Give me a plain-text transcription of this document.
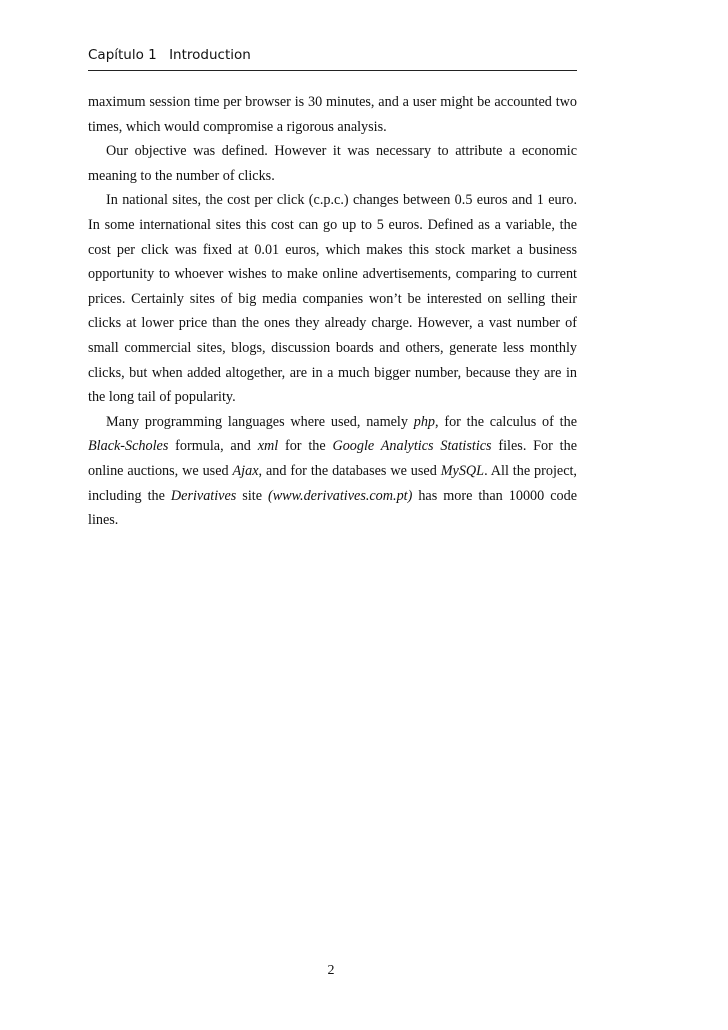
Capítulo 1 Introduction

maximum session time per browser is 30 minutes, and a user might be accounted two times, which would compromise a rigorous analysis.

Our objective was defined. However it was necessary to attribute a economic meaning to the number of clicks.

In national sites, the cost per click (c.p.c.) changes between 0.5 euros and 1 euro. In some international sites this cost can go up to 5 euros. Defined as a variable, the cost per click was fixed at 0.01 euros, which makes this stock market a business opportunity to whoever wishes to make online advertisements, comparing to current prices. Certainly sites of big media companies won’t be interested on selling their clicks at lower price than the ones they already charge. However, a vast number of small commercial sites, blogs, discussion boards and others, generate less monthly clicks, but when added altogether, are in a much bigger number, because they are in the long tail of popularity.

Many programming languages where used, namely php, for the calculus of the Black-Scholes formula, and xml for the Google Analytics Statistics files. For the online auctions, we used Ajax, and for the databases we used MySQL. All the project, including the Derivatives site (www.derivatives.com.pt) has more than 10000 code lines.

2
